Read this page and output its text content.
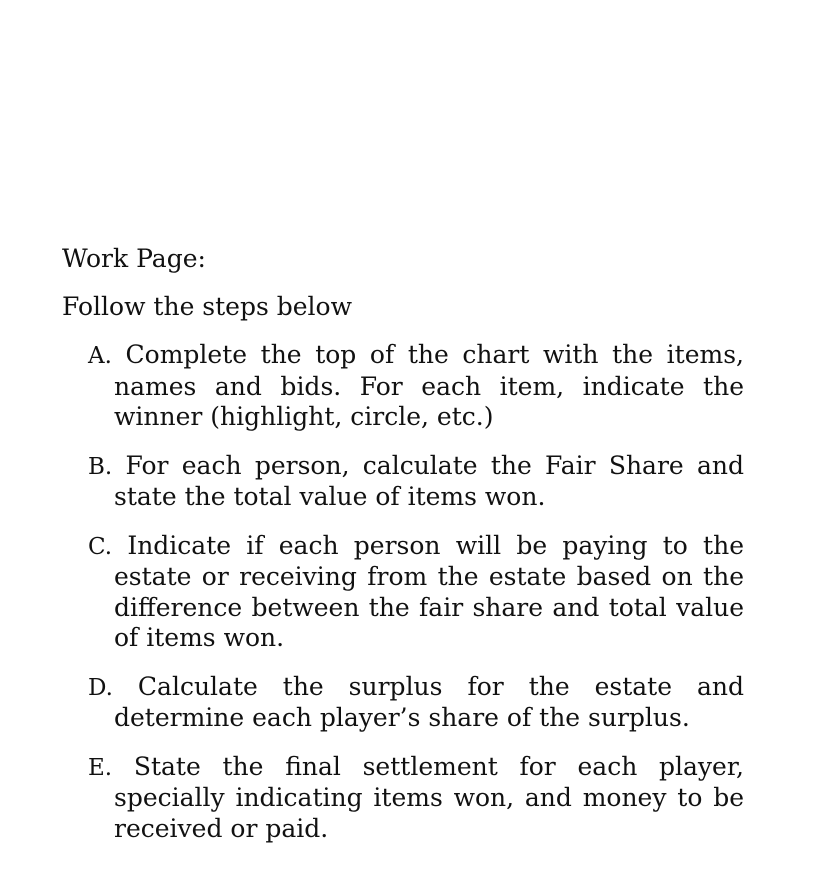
Work Page:

Follow the steps below

A. Complete the top of the chart with the items, names and bids. For each item, indicate the winner (highlight, circle, etc.)
B. For each person, calculate the Fair Share and state the total value of items won.
C. Indicate if each person will be paying to the estate or receiving from the estate based on the difference between the fair share and total value of items won.
D. Calculate the surplus for the estate and determine each player’s share of the surplus.
E. State the final settlement for each player, specially indicating items won, and money to be received or paid.
